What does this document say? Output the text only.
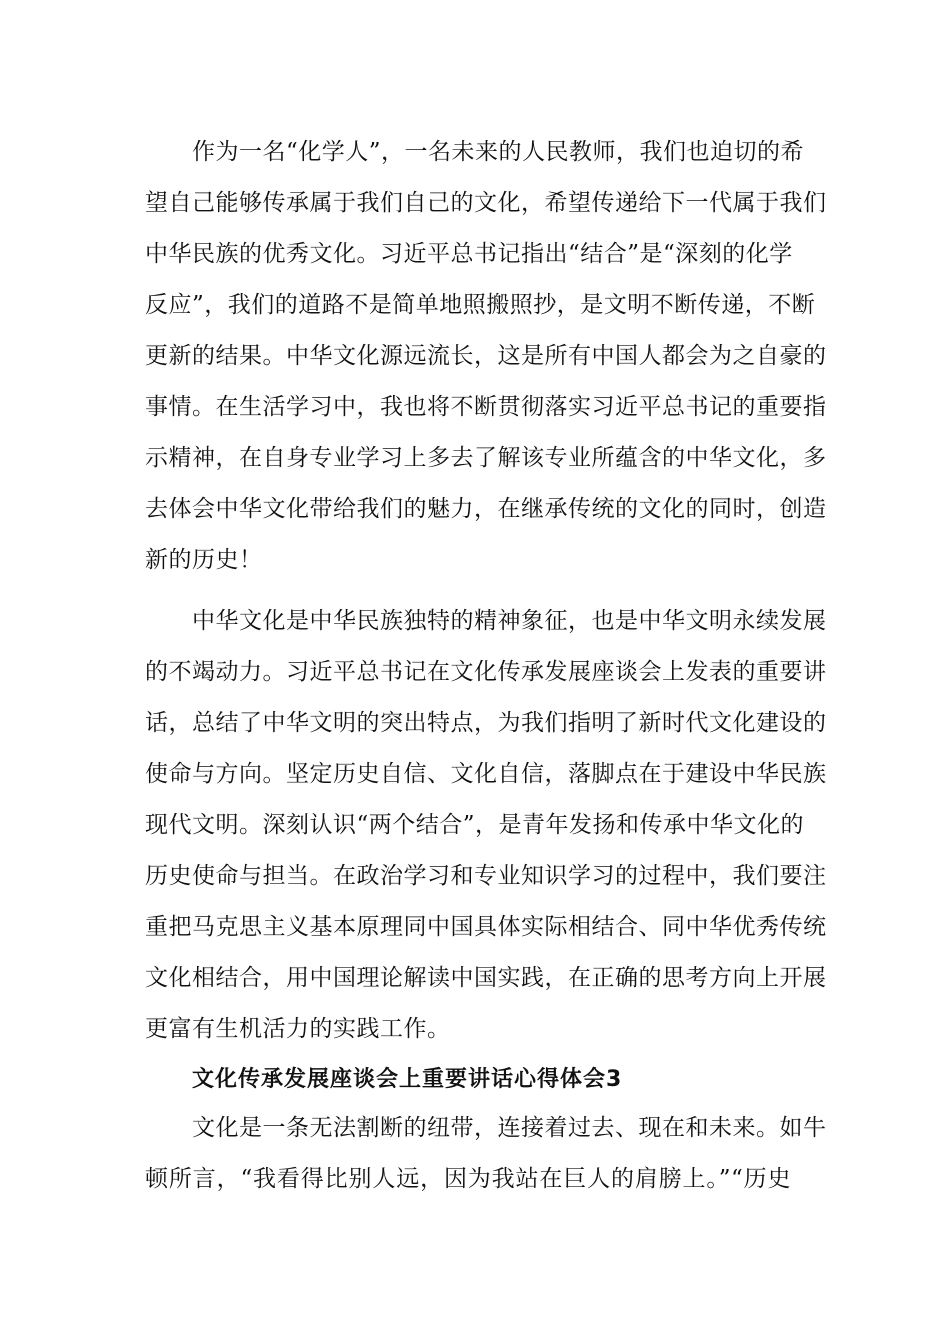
作为一名“化学人”，一名未来的人民教师，我们也迫切的希
望自己能够传承属于我们自己的文化，希望传递给下一代属于我们
中华民族的优秀文化。习近平总书记指出“结合”是“深刻的化学
反应”，我们的道路不是简单地照搬照抄，是文明不断传递，不断
更新的结果。中华文化源远流长，这是所有中国人都会为之自豪的
事情。在生活学习中，我也将不断贯彻落实习近平总书记的重要指
示精神，在自身专业学习上多去了解该专业所蕴含的中华文化，多
去体会中华文化带给我们的魅力，在继承传统的文化的同时，创造
新的历史！
中华文化是中华民族独特的精神象征，也是中华文明永续发展
的不竭动力。习近平总书记在文化传承发展座谈会上发表的重要讲
话，总结了中华文明的突出特点，为我们指明了新时代文化建设的
使命与方向。坚定历史自信、文化自信，落脚点在于建设中华民族
现代文明。深刻认识“两个结合”，是青年发扬和传承中华文化的
历史使命与担当。在政治学习和专业知识学习的过程中，我们要注
重把马克思主义基本原理同中国具体实际相结合、同中华优秀传统
文化相结合，用中国理论解读中国实践，在正确的思考方向上开展
更富有生机活力的实践工作。
文化传承发展座谈会上重要讲话心得体会3
文化是一条无法割断的纽带，连接着过去、现在和未来。如牛
顿所言，“我看得比别人远，因为我站在巨人的肩膀上。”“历史
